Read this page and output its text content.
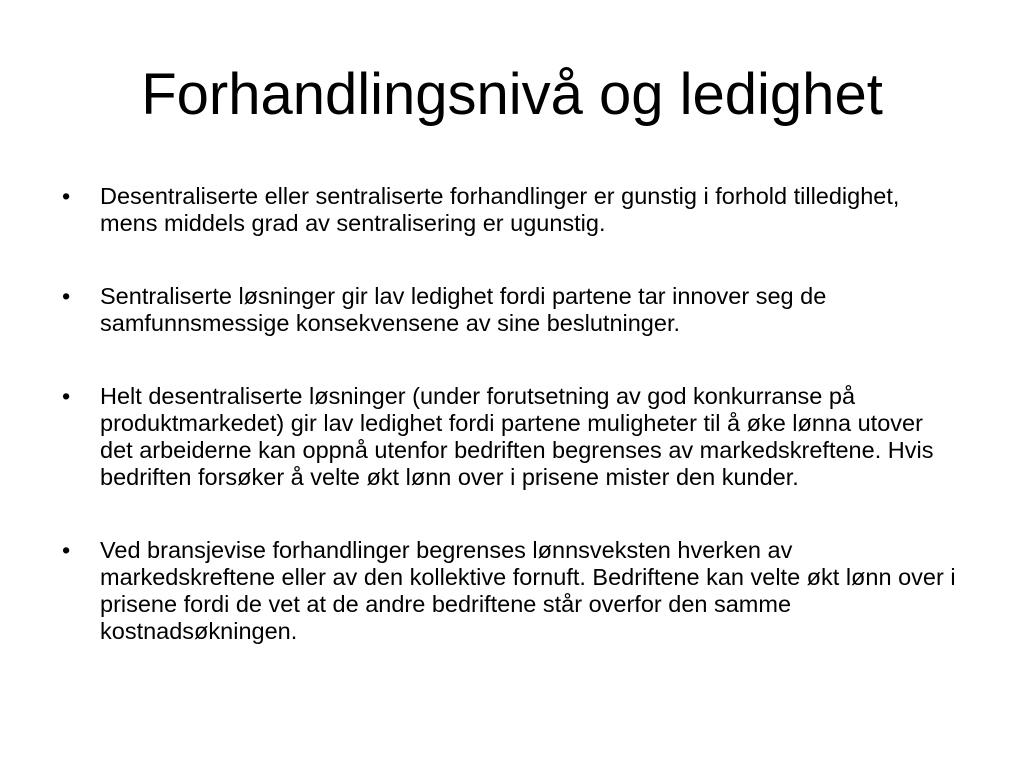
Forhandlingsnivå og ledighet
•	Desentraliserte eller sentraliserte forhandlinger er gunstig i forhold tilledighet, mens middels grad av sentralisering er ugunstig.
•	Sentraliserte løsninger gir lav ledighet fordi partene tar innover seg de samfunnsmessige konsekvensene av sine beslutninger.
•	Helt desentraliserte løsninger (under forutsetning av god konkurranse på produktmarkedet) gir lav ledighet fordi partene muligheter til å øke lønna utover det arbeiderne kan oppnå utenfor bedriften begrenses av markedskreftene. Hvis bedriften forsøker å velte økt lønn over i prisene mister den kunder.
•	Ved bransjevise forhandlinger begrenses lønnsveksten hverken av markedskreftene eller av den kollektive fornuft. Bedriftene kan velte økt lønn over i prisene fordi de vet at de andre bedriftene står overfor den samme kostnadsøkningen.
